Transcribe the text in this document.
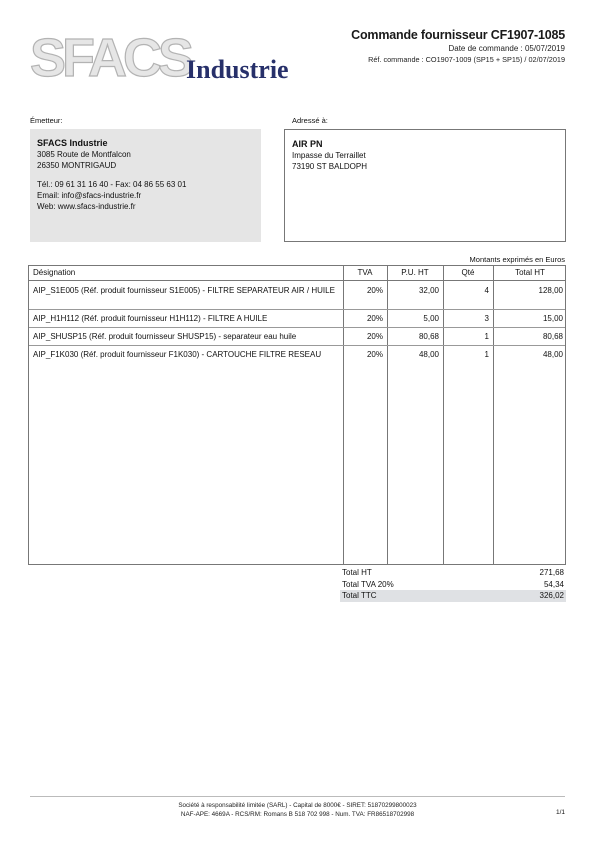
SFACS
Industrie
Commande fournisseur CF1907-1085
Date de commande : 05/07/2019
Réf. commande : CO1907-1009 (SP15 + SP15) / 02/07/2019
Émetteur:	Adressé à:
SFACS Industrie
3085 Route de Montfalcon
26350 MONTRIGAUD
Tél.: 09 61 31 16 40 - Fax: 04 86 55 63 01
Email: info@sfacs-industrie.fr
Web: www.sfacs-industrie.fr
AIR PN
Impasse du Terraillet
73190 ST BALDOPH
Montants exprimés en Euros
Désignation	TVA	P.U. HT	Qté	Total HT
AIP_S1E005 (Réf. produit fournisseur S1E005) - FILTRE SEPARATEUR AIR / HUILE	20%	32,00	4	128,00
AIP_H1H112 (Réf. produit fournisseur H1H112) - FILTRE A HUILE	20%	5,00	3	15,00
AIP_SHUSP15 (Réf. produit fournisseur SHUSP15) - separateur eau huile	20%	80,68	1	80,68
AIP_F1K030 (Réf. produit fournisseur F1K030) - CARTOUCHE FILTRE RESEAU	20%	48,00	1	48,00
Total HT	271,68
Total TVA 20%	54,34
Total TTC	326,02
Société à responsabilité limitée (SARL) - Capital de 8000€ - SIRET: 51870299800023
NAF-APE: 4669A - RCS/RM: Romans B 518 702 998 - Num. TVA: FR86518702998	1/1
